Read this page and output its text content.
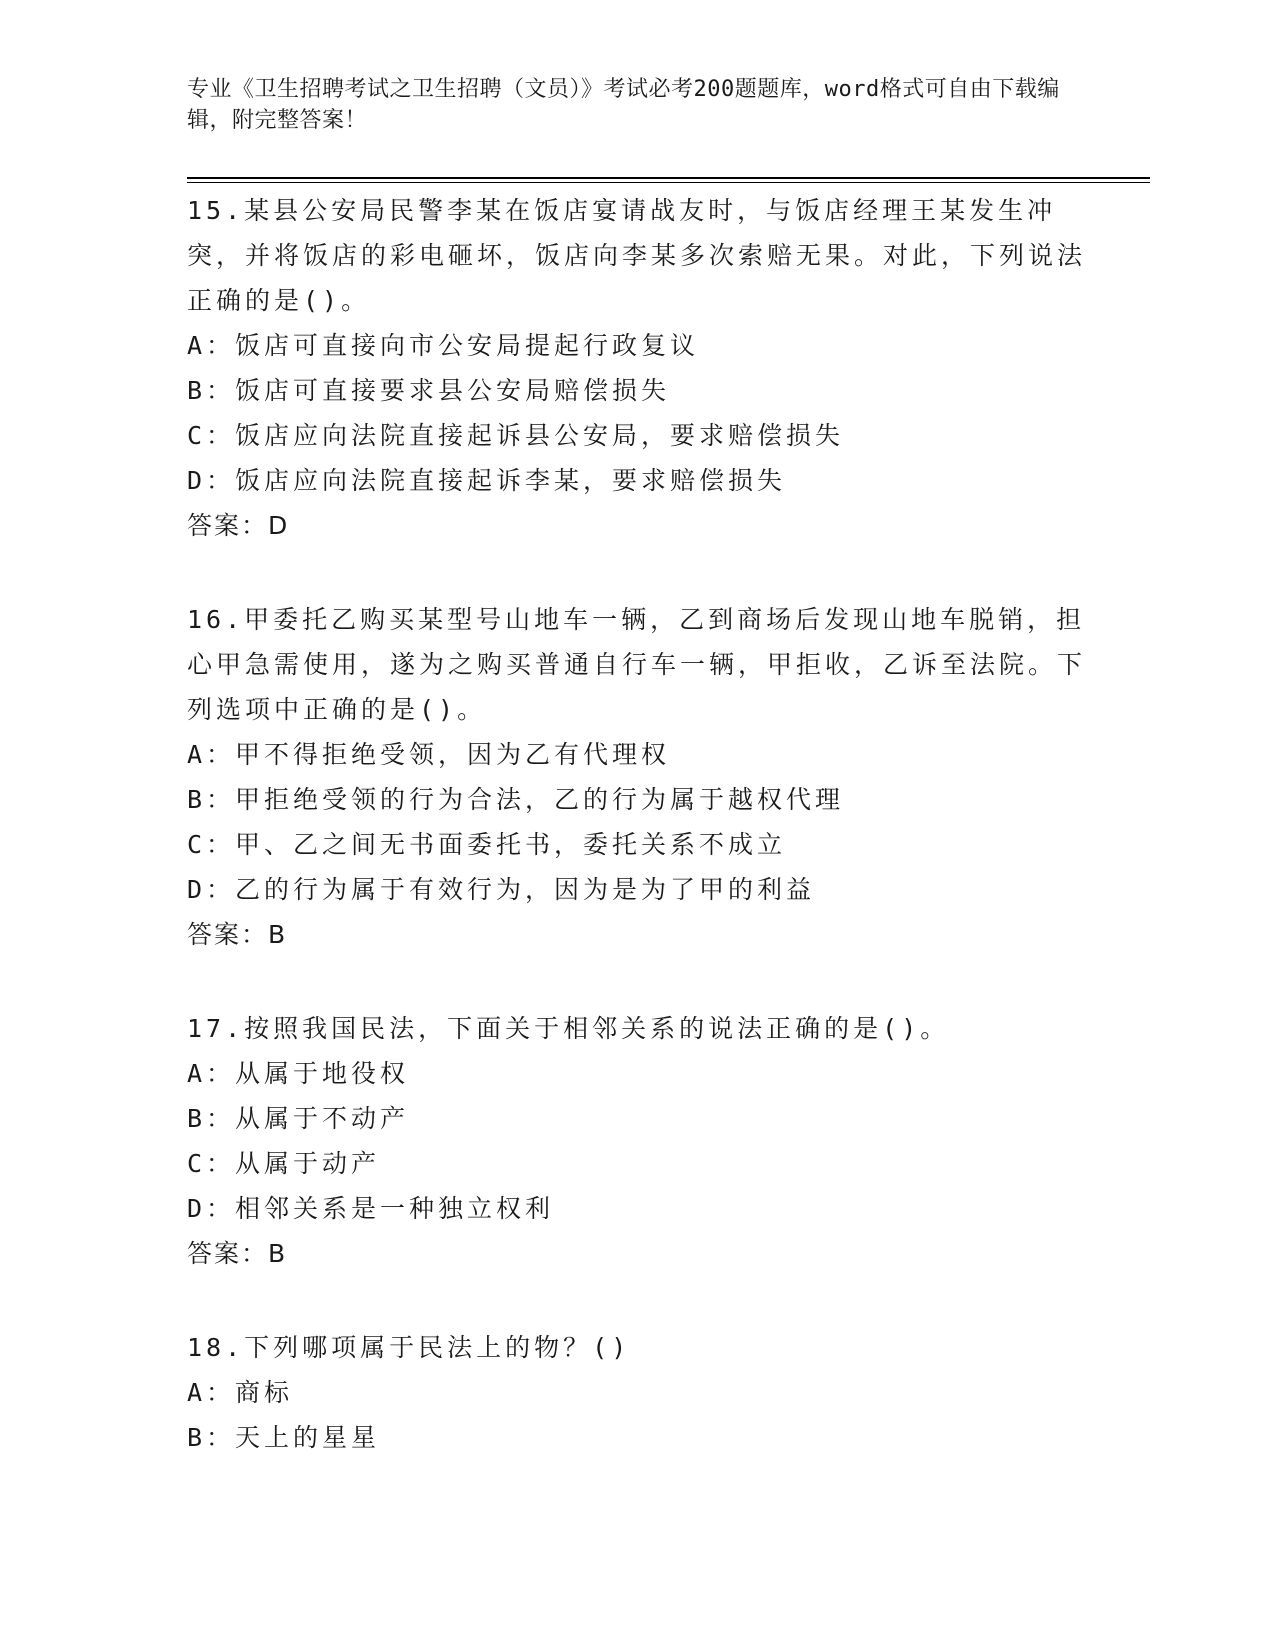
专业《卫生招聘考试之卫生招聘（文员）》考试必考200题题库，word格式可自由下载编辑，附完整答案！

15.某县公安局民警李某在饭店宴请战友时，与饭店经理王某发生冲突，并将饭店的彩电砸坏，饭店向李某多次索赔无果。对此，下列说法正确的是()。

A：饭店可直接向市公安局提起行政复议

B：饭店可直接要求县公安局赔偿损失

C：饭店应向法院直接起诉县公安局，要求赔偿损失

D：饭店应向法院直接起诉李某，要求赔偿损失

答案：D

16.甲委托乙购买某型号山地车一辆，乙到商场后发现山地车脱销，担心甲急需使用，遂为之购买普通自行车一辆，甲拒收，乙诉至法院。下列选项中正确的是()。

A：甲不得拒绝受领，因为乙有代理权

B：甲拒绝受领的行为合法，乙的行为属于越权代理

C：甲、乙之间无书面委托书，委托关系不成立

D：乙的行为属于有效行为，因为是为了甲的利益

答案：B

17.按照我国民法，下面关于相邻关系的说法正确的是()。

A：从属于地役权

B：从属于不动产

C：从属于动产

D：相邻关系是一种独立权利

答案：B

18.下列哪项属于民法上的物？()

A：商标

B：天上的星星
